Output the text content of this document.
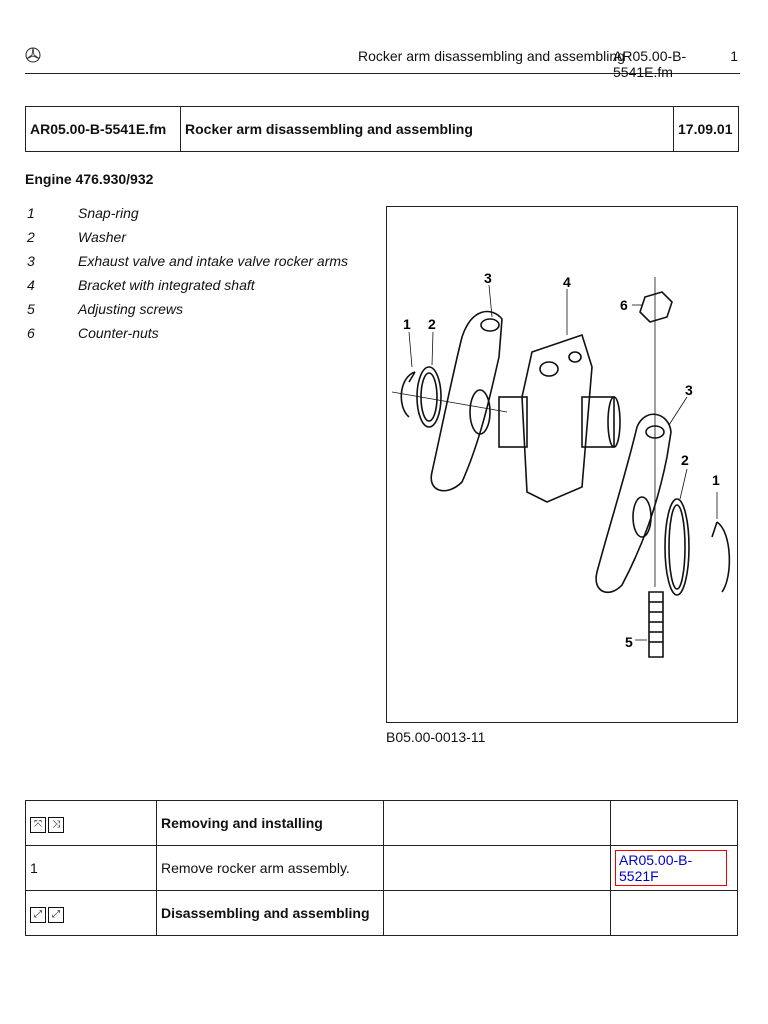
Rocker arm disassembling and assembling
AR05.00-B-5541E.fm
1
AR05.00-B-5541E.fm	Rocker arm disassembling and assembling	17.09.01
Engine 476.930/932
1	Snap-ring
2	Washer
3	Exhaust valve and intake valve rocker arms
4	Bracket with integrated shaft
5	Adjusting screws
6	Counter-nuts
1 2
3	4
6
3
2
1
5
B05.00-0013-11
⤧ ⤨	Removing and installing		
1	Remove rocker arm assembly.		AR05.00-B-5521F
⤢ ⤢	Disassembling and assembling		
